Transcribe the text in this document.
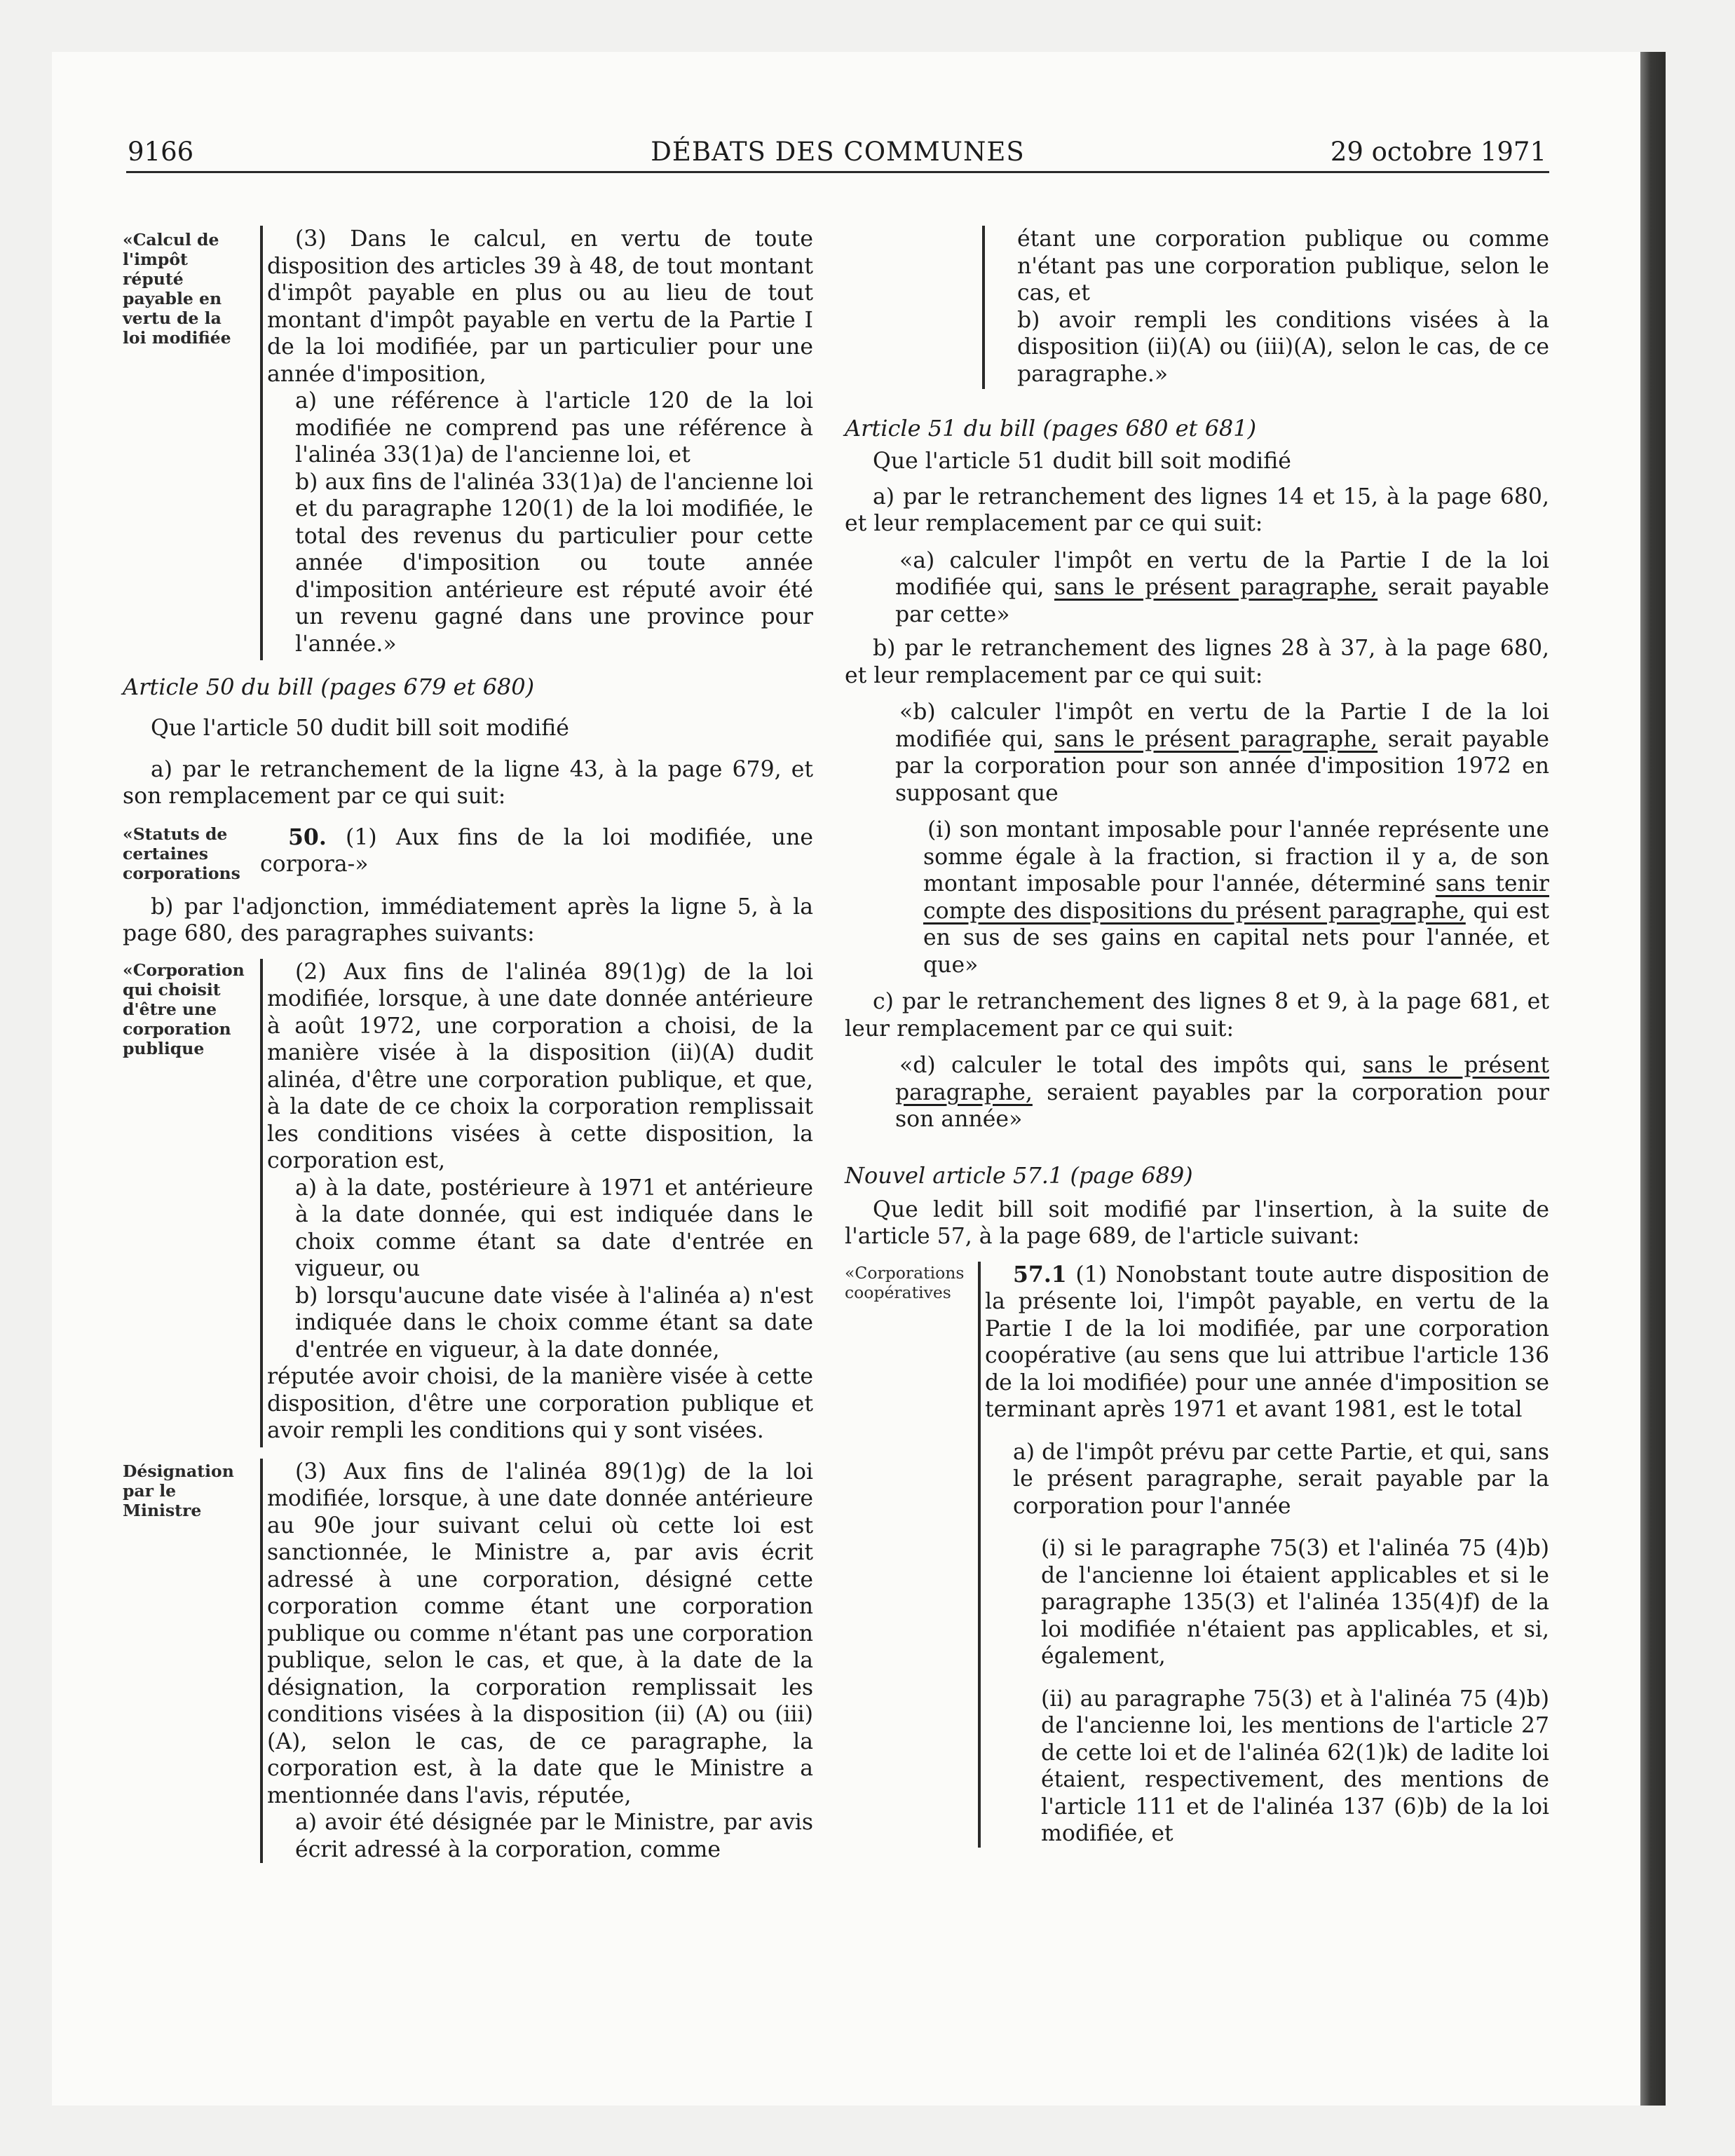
9166	DÉBATS DES COMMUNES	29 octobre 1971
«Calcul de l'impôt réputé payable en vertu de la loi modifiée

(3) Dans le calcul, en vertu de toute disposition des articles 39 à 48, de tout montant d'impôt payable en plus ou au lieu de tout montant d'impôt payable en vertu de la Partie I de la loi modifiée, par un particulier pour une année d'imposition,

a) une référence à l'article 120 de la loi modifiée ne comprend pas une référence à l'alinéa 33(1)a) de l'ancienne loi, et

b) aux fins de l'alinéa 33(1)a) de l'ancienne loi et du paragraphe 120(1) de la loi modifiée, le total des revenus du particulier pour cette année d'imposition ou toute année d'imposition antérieure est réputé avoir été un revenu gagné dans une province pour l'année.»

Article 50 du bill (pages 679 et 680)

Que l'article 50 dudit bill soit modifié

a) par le retranchement de la ligne 43, à la page 679, et son remplacement par ce qui suit:

«Statuts de certaines corporations

50. (1) Aux fins de la loi modifiée, une corpora-»

b) par l'adjonction, immédiatement après la ligne 5, à la page 680, des paragraphes suivants:

«Corporation qui choisit d'être une corporation publique

(2) Aux fins de l'alinéa 89(1)g) de la loi modifiée, lorsque, à une date donnée antérieure à août 1972, une corporation a choisi, de la manière visée à la disposition (ii)(A) dudit alinéa, d'être une corporation publique, et que, à la date de ce choix la corporation remplissait les conditions visées à cette disposition, la corporation est,

a) à la date, postérieure à 1971 et antérieure à la date donnée, qui est indiquée dans le choix comme étant sa date d'entrée en vigueur, ou

b) lorsqu'aucune date visée à l'alinéa a) n'est indiquée dans le choix comme étant sa date d'entrée en vigueur, à la date donnée,

réputée avoir choisi, de la manière visée à cette disposition, d'être une corporation publique et avoir rempli les conditions qui y sont visées.

Désignation par le Ministre

(3) Aux fins de l'alinéa 89(1)g) de la loi modifiée, lorsque, à une date donnée antérieure au 90e jour suivant celui où cette loi est sanctionnée, le Ministre a, par avis écrit adressé à une corporation, désigné cette corporation comme étant une corporation publique ou comme n'étant pas une corporation publique, selon le cas, et que, à la date de la désignation, la corporation remplissait les conditions visées à la disposition (ii) (A) ou (iii) (A), selon le cas, de ce paragraphe, la corporation est, à la date que le Ministre a mentionnée dans l'avis, réputée,

a) avoir été désignée par le Ministre, par avis écrit adressé à la corporation, comme

étant une corporation publique ou comme n'étant pas une corporation publique, selon le cas, et

b) avoir rempli les conditions visées à la disposition (ii)(A) ou (iii)(A), selon le cas, de ce paragraphe.»

Article 51 du bill (pages 680 et 681)

Que l'article 51 dudit bill soit modifié

a) par le retranchement des lignes 14 et 15, à la page 680, et leur remplacement par ce qui suit:

«a) calculer l'impôt en vertu de la Partie I de la loi modifiée qui, sans le présent paragraphe, serait payable par cette»

b) par le retranchement des lignes 28 à 37, à la page 680, et leur remplacement par ce qui suit:

«b) calculer l'impôt en vertu de la Partie I de la loi modifiée qui, sans le présent paragraphe, serait payable par la corporation pour son année d'imposition 1972 en supposant que

(i) son montant imposable pour l'année représente une somme égale à la fraction, si fraction il y a, de son montant imposable pour l'année, déterminé sans tenir compte des dispositions du présent paragraphe, qui est en sus de ses gains en capital nets pour l'année, et que»

c) par le retranchement des lignes 8 et 9, à la page 681, et leur remplacement par ce qui suit:

«d) calculer le total des impôts qui, sans le présent paragraphe, seraient payables par la corporation pour son année»

Nouvel article 57.1 (page 689)

Que ledit bill soit modifié par l'insertion, à la suite de l'article 57, à la page 689, de l'article suivant:

«Corporations coopératives

57.1 (1) Nonobstant toute autre disposition de la présente loi, l'impôt payable, en vertu de la Partie I de la loi modifiée, par une corporation coopérative (au sens que lui attribue l'article 136 de la loi modifiée) pour une année d'imposition se terminant après 1971 et avant 1981, est le total

a) de l'impôt prévu par cette Partie, et qui, sans le présent paragraphe, serait payable par la corporation pour l'année

(i) si le paragraphe 75(3) et l'alinéa 75 (4)b) de l'ancienne loi étaient applicables et si le paragraphe 135(3) et l'alinéa 135(4)f) de la loi modifiée n'étaient pas applicables, et si, également,

(ii) au paragraphe 75(3) et à l'alinéa 75 (4)b) de l'ancienne loi, les mentions de l'article 27 de cette loi et de l'alinéa 62(1)k) de ladite loi étaient, respectivement, des mentions de l'article 111 et de l'alinéa 137 (6)b) de la loi modifiée, et
